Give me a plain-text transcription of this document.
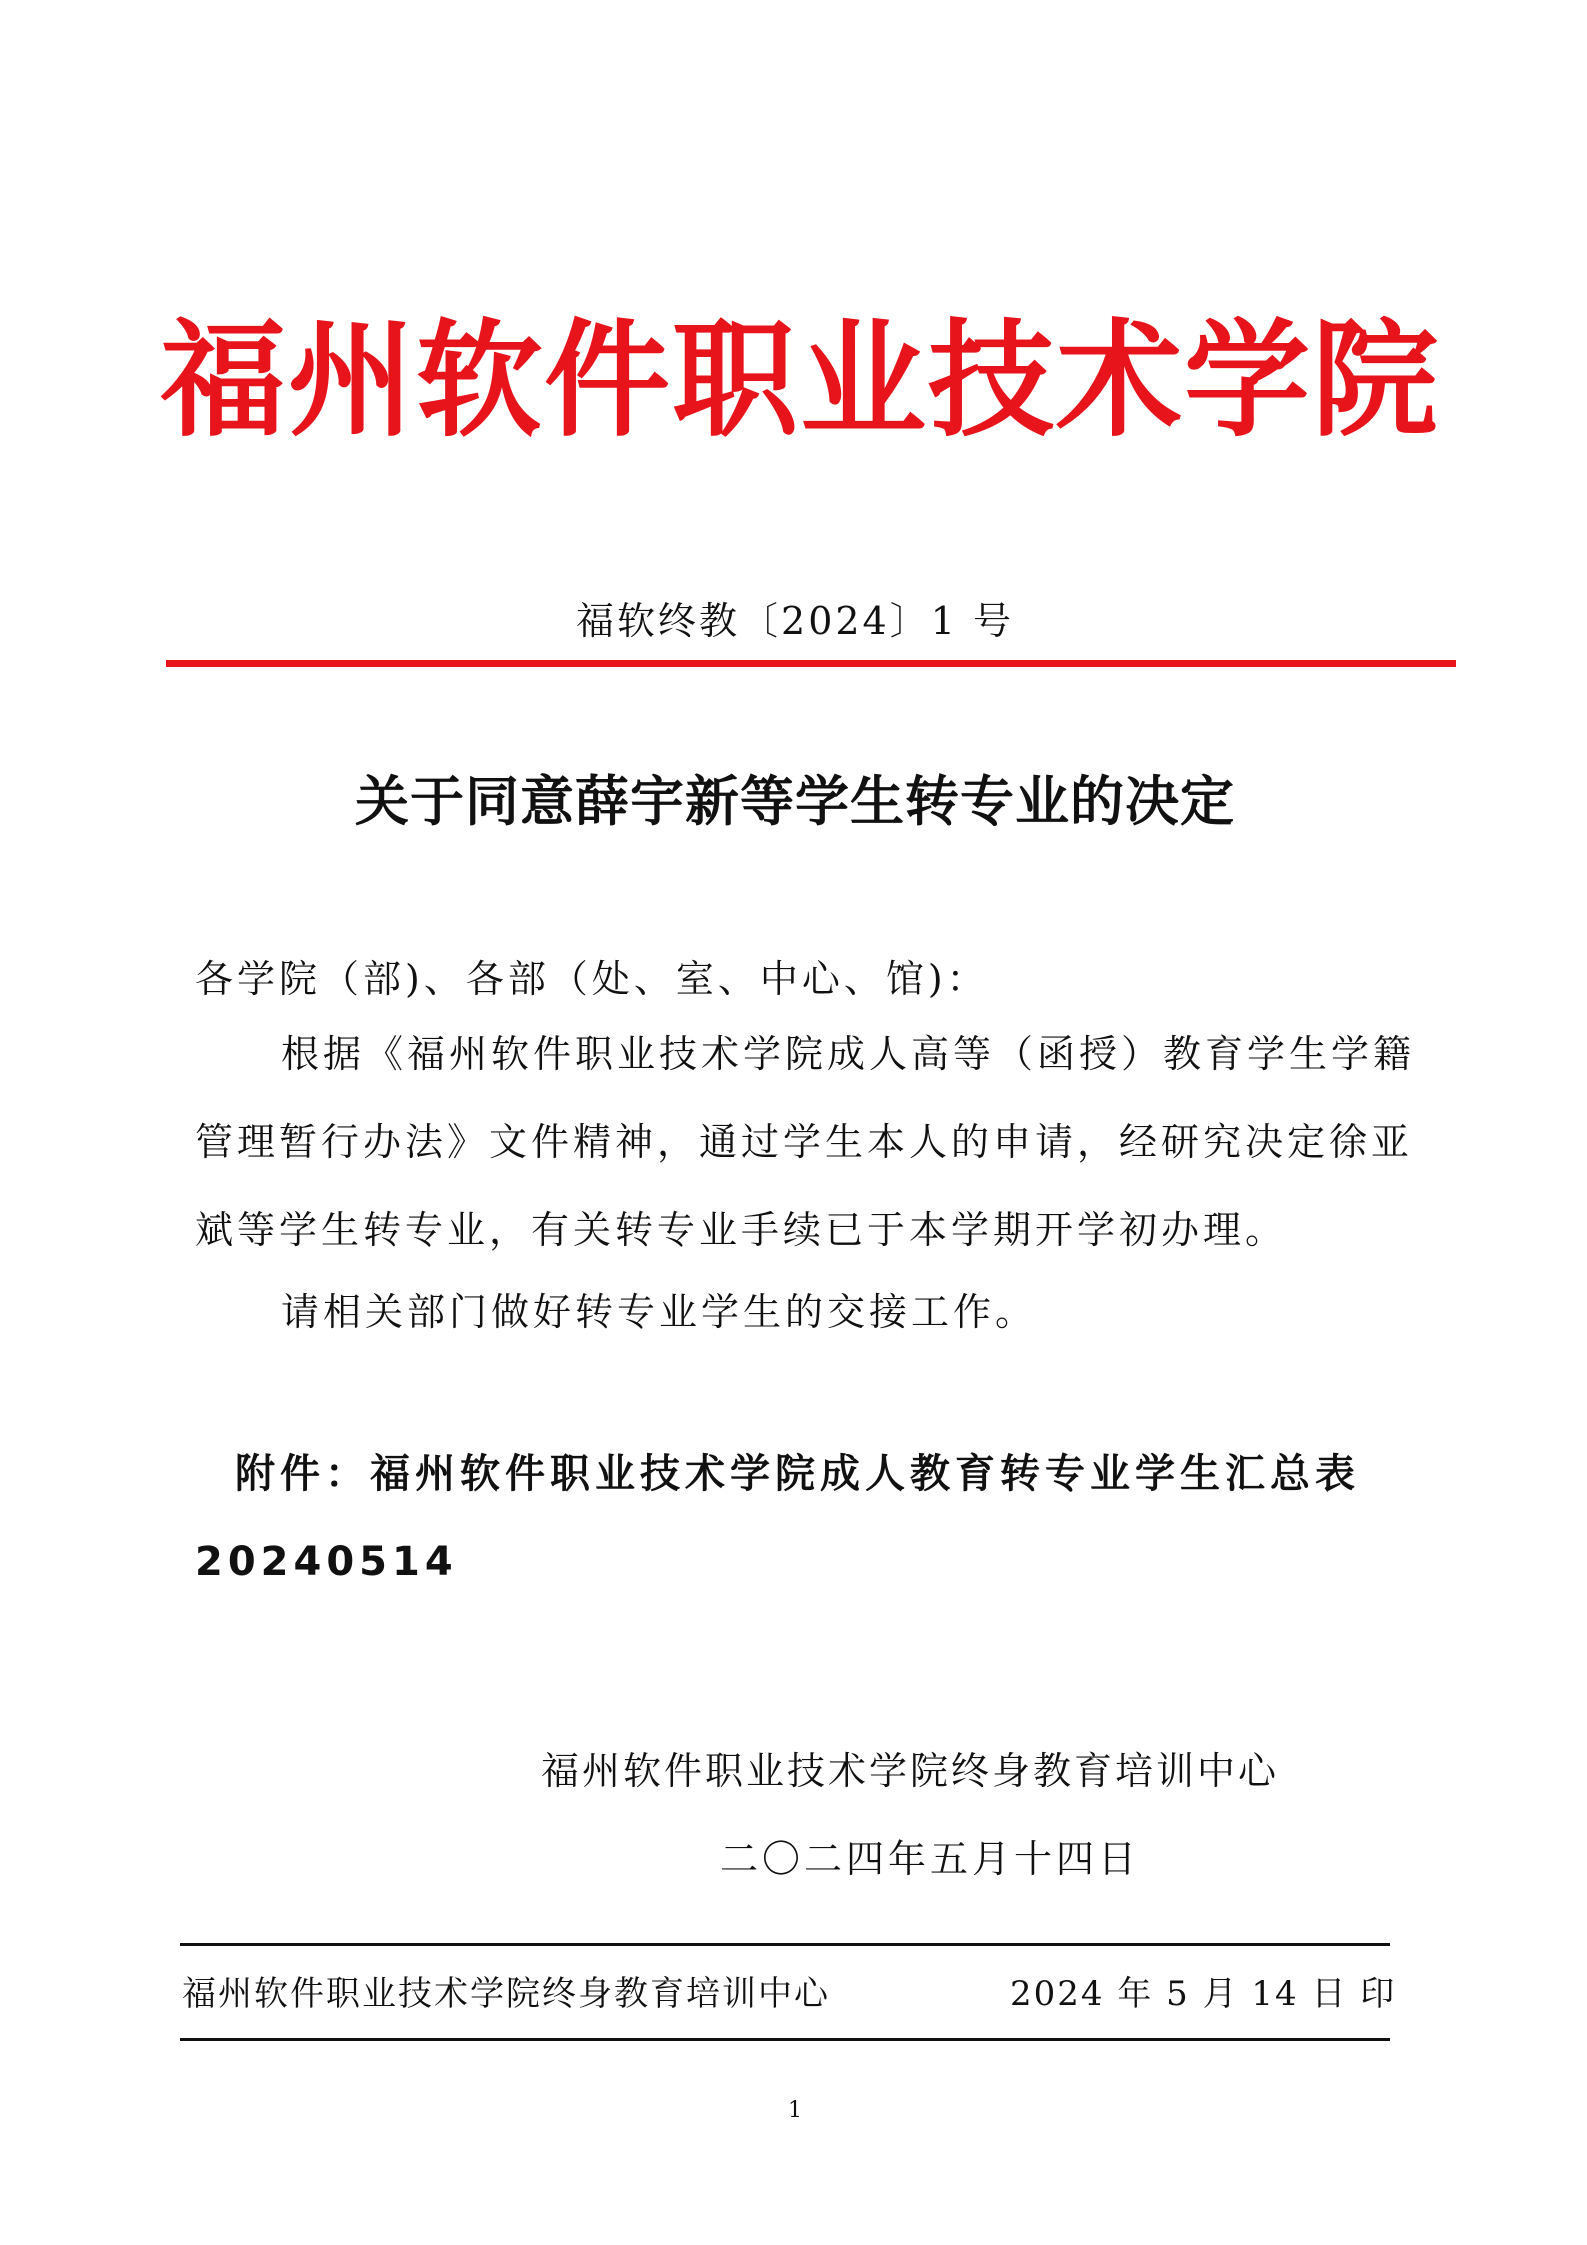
福州软件职业技术学院
福软终教〔2024〕1 号
关于同意薛宇新等学生转专业的决定
各学院（部)、各部（处、室、中心、馆)：
根据《福州软件职业技术学院成人高等（函授）教育学生学籍管理暂行办法》文件精神，通过学生本人的申请，经研究决定徐亚斌等学生转专业，有关转专业手续已于本学期开学初办理。
请相关部门做好转专业学生的交接工作。
附件：福州软件职业技术学院成人教育转专业学生汇总表20240514
福州软件职业技术学院终身教育培训中心
二〇二四年五月十四日
福州软件职业技术学院终身教育培训中心	2024 年 5 月 14 日 印
1
